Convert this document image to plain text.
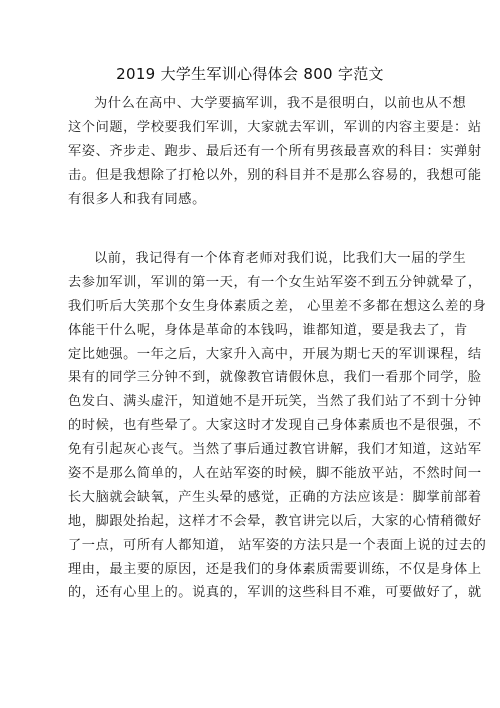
2019 大学生军训心得体会 800 字范文
为什么在高中、大学要搞军训，我不是很明白，以前也从不想
这个问题，学校要我们军训，大家就去军训，军训的内容主要是：站
军姿、齐步走、跑步、最后还有一个所有男孩最喜欢的科目：实弹射
击。但是我想除了打枪以外，别的科目并不是那么容易的，我想可能
有很多人和我有同感。
以前，我记得有一个体育老师对我们说，比我们大一届的学生
去参加军训，军训的第一天，有一个女生站军姿不到五分钟就晕了，
我们听后大笑那个女生身体素质之差， 心里差不多都在想这么差的身
体能干什么呢，身体是革命的本钱吗，谁都知道，要是我去了，肯
定比她强。一年之后，大家升入高中，开展为期七天的军训课程，结
果有的同学三分钟不到，就像教官请假休息，我们一看那个同学，脸
色发白、满头虚汗，知道她不是开玩笑，当然了我们站了不到十分钟
的时候，也有些晕了。大家这时才发现自己身体素质也不是很强，不
免有引起灰心丧气。当然了事后通过教官讲解，我们才知道，这站军
姿不是那么简单的，人在站军姿的时候，脚不能放平站，不然时间一
长大脑就会缺氧，产生头晕的感觉，正确的方法应该是：脚掌前部着
地，脚跟处抬起，这样才不会晕，教官讲完以后，大家的心情稍微好
了一点，可所有人都知道， 站军姿的方法只是一个表面上说的过去的
理由，最主要的原因，还是我们的身体素质需要训练，不仅是身体上
的，还有心里上的。说真的，军训的这些科目不难，可要做好了，就
